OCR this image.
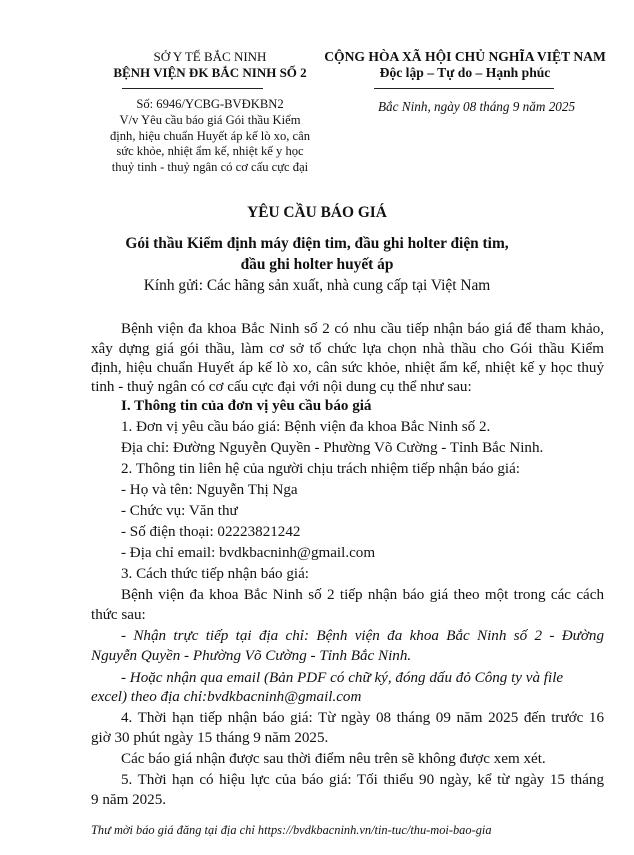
SỞ Y TẾ BẮC NINH
BỆNH VIỆN ĐK BẮC NINH SỐ 2
CỘNG HÒA XÃ HỘI CHỦ NGHĨA VIỆT NAM
Độc lập – Tự do – Hạnh phúc
Số: 6946/YCBG-BVĐKBN2
V/v Yêu cầu báo giá Gói thầu Kiểm
định, hiệu chuẩn Huyết áp kế lò xo, cân
sức khỏe, nhiệt ẩm kế, nhiệt kế y học
thuỷ tinh - thuỷ ngân có cơ cấu cực đại
Bắc Ninh, ngày 08 tháng 9 năm 2025
YÊU CẦU BÁO GIÁ
Gói thầu Kiểm định máy điện tim, đầu ghi holter điện tim,
đầu ghi holter huyết áp
Kính gửi: Các hãng sản xuất, nhà cung cấp tại Việt Nam
Bệnh viện đa khoa Bắc Ninh số 2 có nhu cầu tiếp nhận báo giá để tham khảo,
xây dựng giá gói thầu, làm cơ sở tổ chức lựa chọn nhà thầu cho Gói thầu Kiểm
định, hiệu chuẩn Huyết áp kế lò xo, cân sức khỏe, nhiệt ẩm kế, nhiệt kế y học thuỷ
tinh - thuỷ ngân có cơ cấu cực đại với nội dung cụ thể như sau:
I. Thông tin của đơn vị yêu cầu báo giá
1. Đơn vị yêu cầu báo giá: Bệnh viện đa khoa Bắc Ninh số 2.
Địa chỉ: Đường Nguyễn Quyền - Phường Võ Cường - Tỉnh Bắc Ninh.
2. Thông tin liên hệ của người chịu trách nhiệm tiếp nhận báo giá:
- Họ và tên: Nguyễn Thị Nga
- Chức vụ: Văn thư
- Số điện thoại: 02223821242
- Địa chỉ email: bvdkbacninh@gmail.com
3. Cách thức tiếp nhận báo giá:
Bệnh viện đa khoa Bắc Ninh số 2 tiếp nhận báo giá theo một trong các cách
thức sau:
- Nhận trực tiếp tại địa chỉ: Bệnh viện đa khoa Bắc Ninh số 2 - Đường
Nguyễn Quyền - Phường Võ Cường - Tỉnh Bắc Ninh.
- Hoặc nhận qua email (Bản PDF có chữ ký, đóng dấu đỏ Công ty và file
excel) theo địa chỉ:bvdkbacninh@gmail.com
4. Thời hạn tiếp nhận báo giá: Từ ngày 08 tháng 09 năm 2025 đến trước 16
giờ 30 phút ngày 15 tháng 9 năm 2025.
Các báo giá nhận được sau thời điểm nêu trên sẽ không được xem xét.
5. Thời hạn có hiệu lực của báo giá: Tối thiểu 90 ngày, kể từ ngày 15 tháng
9 năm 2025.
Thư mời báo giá đăng tại địa chỉ https://bvdkbacninh.vn/tin-tuc/thu-moi-bao-gia
